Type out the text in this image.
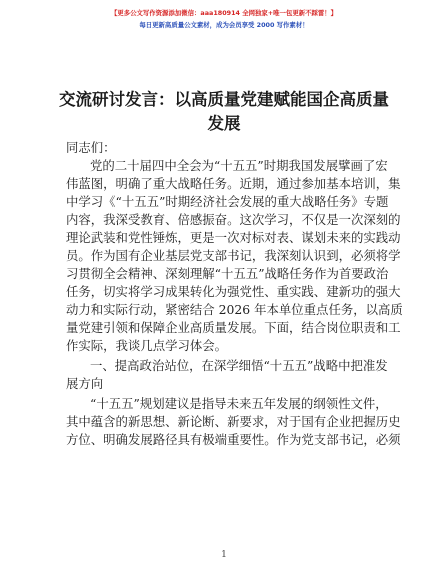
【更多公文写作资源添加微信：aaa180914 全网独家+唯一包更新不踩雷！】
每日更新高质量公文素材，成为会员享受 2000 写作素材！
交流研讨发言：以高质量党建赋能国企高质量
发展
同志们：
党的二十届四中全会为“十五五”时期我国发展擘画了宏
伟蓝图，明确了重大战略任务。近期，通过参加基本培训，集
中学习《“十五五”时期经济社会发展的重大战略任务》专题
内容，我深受教育、倍感振奋。这次学习，不仅是一次深刻的
理论武装和党性锤炼，更是一次对标对表、谋划未来的实践动
员。作为国有企业基层党支部书记，我深刻认识到，必须将学
习贯彻全会精神、深刻理解“十五五”战略任务作为首要政治
任务，切实将学习成果转化为强党性、重实践、建新功的强大
动力和实际行动，紧密结合 2026 年本单位重点任务，以高质
量党建引领和保障企业高质量发展。下面，结合岗位职责和工
作实际，我谈几点学习体会。
一、提高政治站位，在深学细悟“十五五”战略中把准发
展方向
“十五五”规划建议是指导未来五年发展的纲领性文件，
其中蕴含的新思想、新论断、新要求，对于国有企业把握历史
方位、明确发展路径具有极端重要性。作为党支部书记，必须
1
